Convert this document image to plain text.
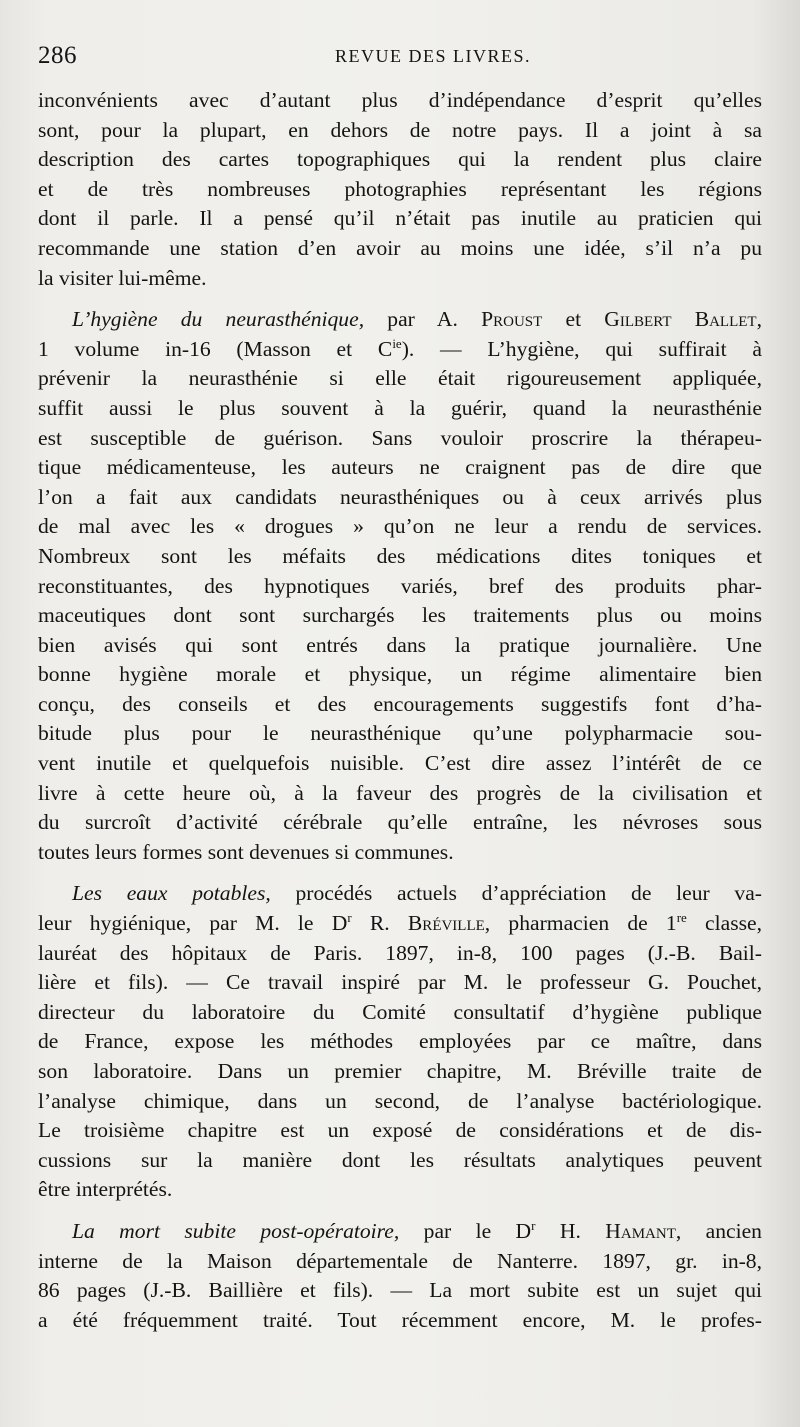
286	REVUE DES LIVRES.
inconvénients avec d’autant plus d’indépendance d’esprit qu’elles
sont, pour la plupart, en dehors de notre pays. Il a joint à sa
description des cartes topographiques qui la rendent plus claire
et de très nombreuses photographies représentant les régions
dont il parle. Il a pensé qu’il n’était pas inutile au praticien qui
recommande une station d’en avoir au moins une idée, s’il n’a pu
la visiter lui-même.
L’hygiène du neurasthénique, par A. Proust et Gilbert Ballet,
1 volume in-16 (Masson et $C^{ie}$). — L’hygiène, qui suffirait à
prévenir la neurasthénie si elle était rigoureusement appliquée,
suffit aussi le plus souvent à la guérir, quand la neurasthénie
est susceptible de guérison. Sans vouloir proscrire la thérapeu-
tique médicamenteuse, les auteurs ne craignent pas de dire que
l’on a fait aux candidats neurasthéniques ou à ceux arrivés plus
de mal avec les « drogues » qu’on ne leur a rendu de services.
Nombreux sont les méfaits des médications dites toniques et
reconstituantes, des hypnotiques variés, bref des produits phar-
maceutiques dont sont surchargés les traitements plus ou moins
bien avisés qui sont entrés dans la pratique journalière. Une
bonne hygiène morale et physique, un régime alimentaire bien
conçu, des conseils et des encouragements suggestifs font d’ha-
bitude plus pour le neurasthénique qu’une polypharmacie sou-
vent inutile et quelquefois nuisible. C’est dire assez l’intérêt de ce
livre à cette heure où, à la faveur des progrès de la civilisation et
du surcroît d’activité cérébrale qu’elle entraîne, les névroses sous
toutes leurs formes sont devenues si communes.
Les eaux potables, procédés actuels d’appréciation de leur va-
leur hygiénique, par M. le $D^r$ R. Bréville, pharmacien de 1re classe,
lauréat des hôpitaux de Paris. 1897, in-8, 100 pages (J.-B. Bail-
lière et fils). — Ce travail inspiré par M. le professeur G. Pouchet,
directeur du laboratoire du Comité consultatif d’hygiène publique
de France, expose les méthodes employées par ce maître, dans
son laboratoire. Dans un premier chapitre, M. Bréville traite de
l’analyse chimique, dans un second, de l’analyse bactériologique.
Le troisième chapitre est un exposé de considérations et de dis-
cussions sur la manière dont les résultats analytiques peuvent
être interprétés.
La mort subite post-opératoire, par le $D^r$ H. Hamant, ancien
interne de la Maison départementale de Nanterre. 1897, gr. in-8,
86 pages (J.-B. Baillière et fils). — La mort subite est un sujet qui
a été fréquemment traité. Tout récemment encore, M. le profes-
